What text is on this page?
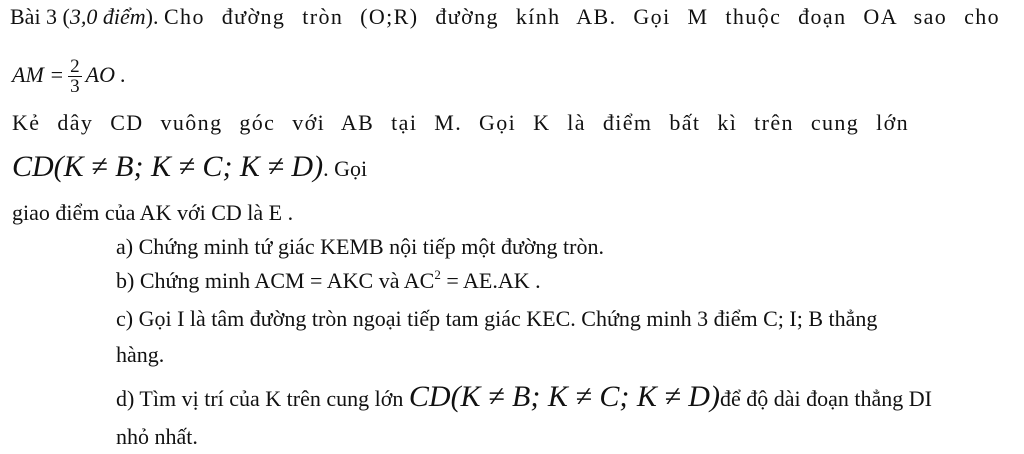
Bài 3 (3,0 điểm). Cho đường tròn (O;R) đường kính AB. Gọi M thuộc đoạn OA sao cho
AM = $\frac{2}{3}$ AO .
Kẻ dây CD vuông góc với AB tại M. Gọi K là điểm bất kì trên cung lớn
CD(K ≠ B; K ≠ C; K ≠ D). Gọi
giao điểm của AK với CD là E .
a) Chứng minh tứ giác KEMB nội tiếp một đường tròn.
b) Chứng minh ACM = AKC và $AC^2 = AE.AK$ .
c) Gọi I là tâm đường tròn ngoại tiếp tam giác KEC. Chứng minh 3 điểm C; I; B thẳng
hàng.
d) Tìm vị trí của K trên cung lớn CD(K ≠ B; K ≠ C; K ≠ D)để độ dài đoạn thẳng DI
nhỏ nhất.
